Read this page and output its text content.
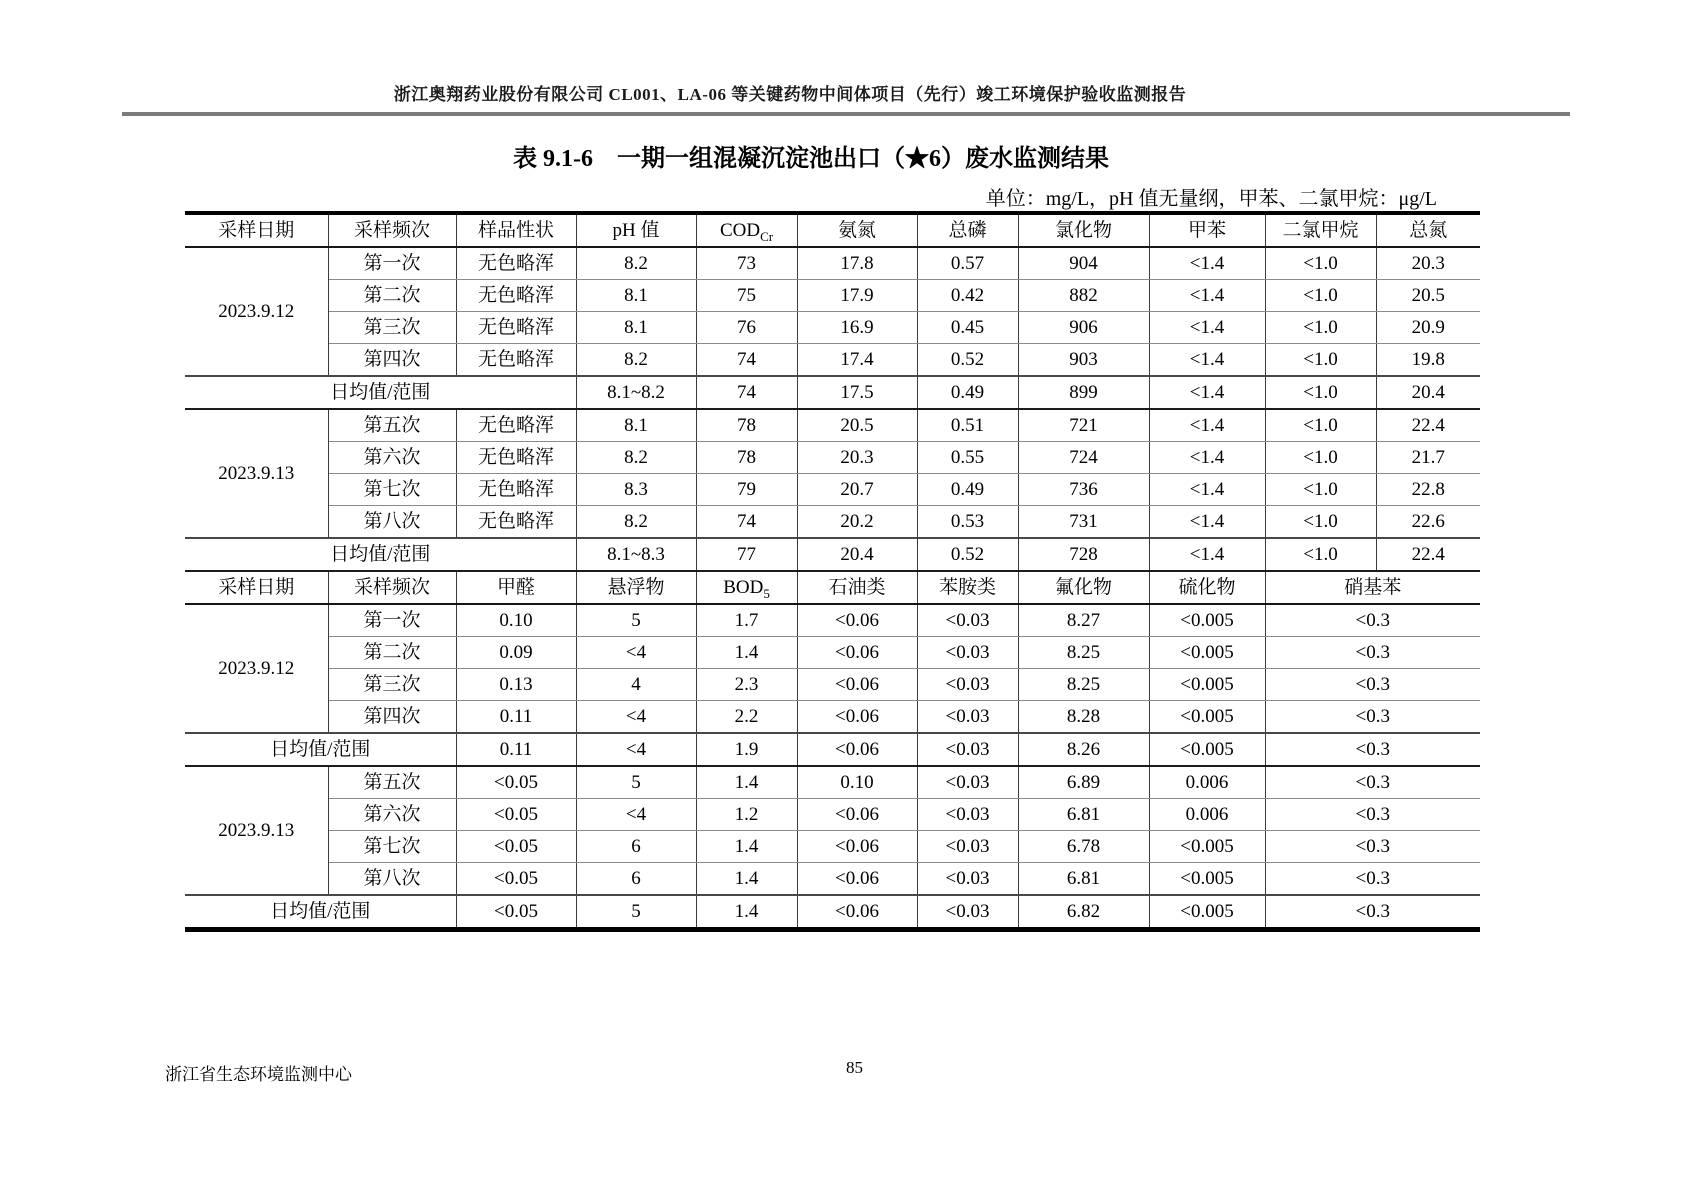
浙江奥翔药业股份有限公司 CL001、LA-06 等关键药物中间体项目（先行）竣工环境保护验收监测报告
表 9.1-6　一期一组混凝沉淀池出口（★6）废水监测结果
单位：mg/L，pH 值无量纲，甲苯、二氯甲烷：μg/L
采样日期	采样频次	样品性状	pH 值	$COD_{Cr}$	氨氮	总磷	氯化物	甲苯	二氯甲烷	总氮
2023.9.12	第一次	无色略浑	8.2	73	17.8	0.57	904	<1.4	<1.0	20.3
	第二次	无色略浑	8.1	75	17.9	0.42	882	<1.4	<1.0	20.5
	第三次	无色略浑	8.1	76	16.9	0.45	906	<1.4	<1.0	20.9
	第四次	无色略浑	8.2	74	17.4	0.52	903	<1.4	<1.0	19.8
日均值/范围			8.1~8.2	74	17.5	0.49	899	<1.4	<1.0	20.4
2023.9.13	第五次	无色略浑	8.1	78	20.5	0.51	721	<1.4	<1.0	22.4
	第六次	无色略浑	8.2	78	20.3	0.55	724	<1.4	<1.0	21.7
	第七次	无色略浑	8.3	79	20.7	0.49	736	<1.4	<1.0	22.8
	第八次	无色略浑	8.2	74	20.2	0.53	731	<1.4	<1.0	22.6
日均值/范围			8.1~8.3	77	20.4	0.52	728	<1.4	<1.0	22.4
采样日期	采样频次	甲醛	悬浮物	$BOD_5$	石油类	苯胺类	氟化物	硫化物	硝基苯	
2023.9.12	第一次	0.10	5	1.7	<0.06	<0.03	8.27	<0.005	<0.3	
	第二次	0.09	<4	1.4	<0.06	<0.03	8.25	<0.005	<0.3	
	第三次	0.13	4	2.3	<0.06	<0.03	8.25	<0.005	<0.3	
	第四次	0.11	<4	2.2	<0.06	<0.03	8.28	<0.005	<0.3	
日均值/范围		0.11	<4	1.9	<0.06	<0.03	8.26	<0.005	<0.3	
2023.9.13	第五次	<0.05	5	1.4	0.10	<0.03	6.89	0.006	<0.3	
	第六次	<0.05	<4	1.2	<0.06	<0.03	6.81	0.006	<0.3	
	第七次	<0.05	6	1.4	<0.06	<0.03	6.78	<0.005	<0.3	
	第八次	<0.05	6	1.4	<0.06	<0.03	6.81	<0.005	<0.3	
日均值/范围		<0.05	5	1.4	<0.06	<0.03	6.82	<0.005	<0.3	
浙江省生态环境监测中心	85
